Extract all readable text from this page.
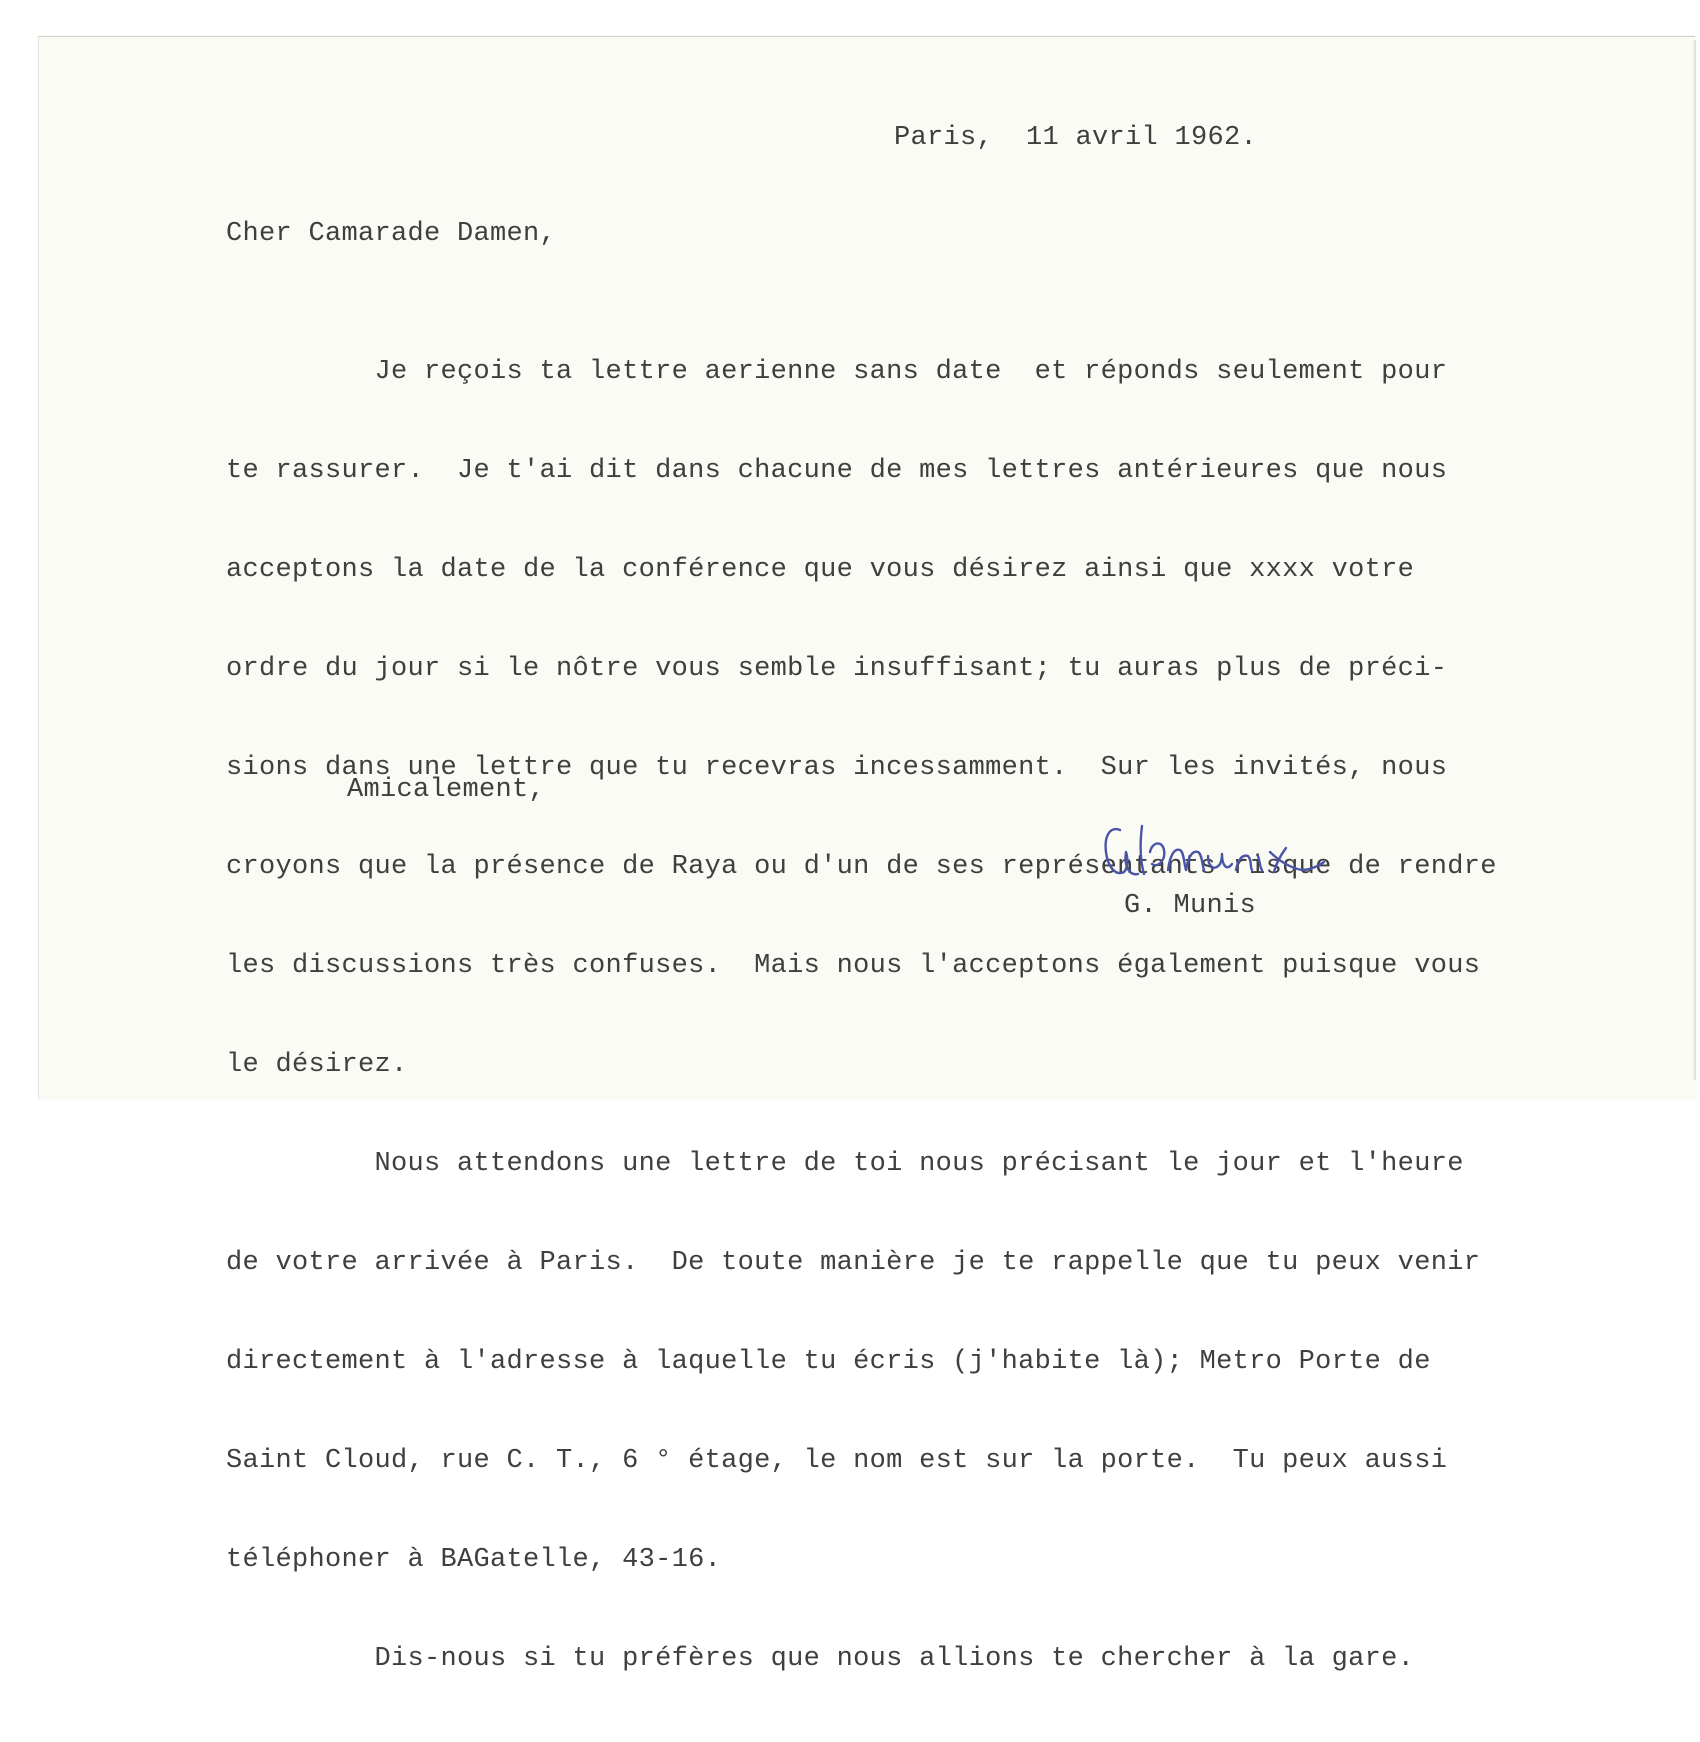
Paris,  11 avril 1962.
Cher Camarade Damen,

Je reçois ta lettre aerienne sans date  et réponds seulement pour

te rassurer.  Je t'ai dit dans chacune de mes lettres antérieures que nous

acceptons la date de la conférence que vous désirez ainsi que xxxx votre

ordre du jour si le nôtre vous semble insuffisant; tu auras plus de préci-

sions dans une lettre que tu recevras incessamment.  Sur les invités, nous

croyons que la présence de Raya ou d'un de ses représentants risque de rendre

les discussions très confuses.  Mais nous l'acceptons également puisque vous

le désirez.

Nous attendons une lettre de toi nous précisant le jour et l'heure

de votre arrivée à Paris.  De toute manière je te rappelle que tu peux venir

directement à l'adresse à laquelle tu écris (j'habite là); Metro Porte de

Saint Cloud, rue C. T., 6 ° étage, le nom est sur la porte.  Tu peux aussi

téléphoner à BAGatelle, 43-16.

Dis-nous si tu préfères que nous allions te chercher à la gare.

Amicalement,
G. Munis
